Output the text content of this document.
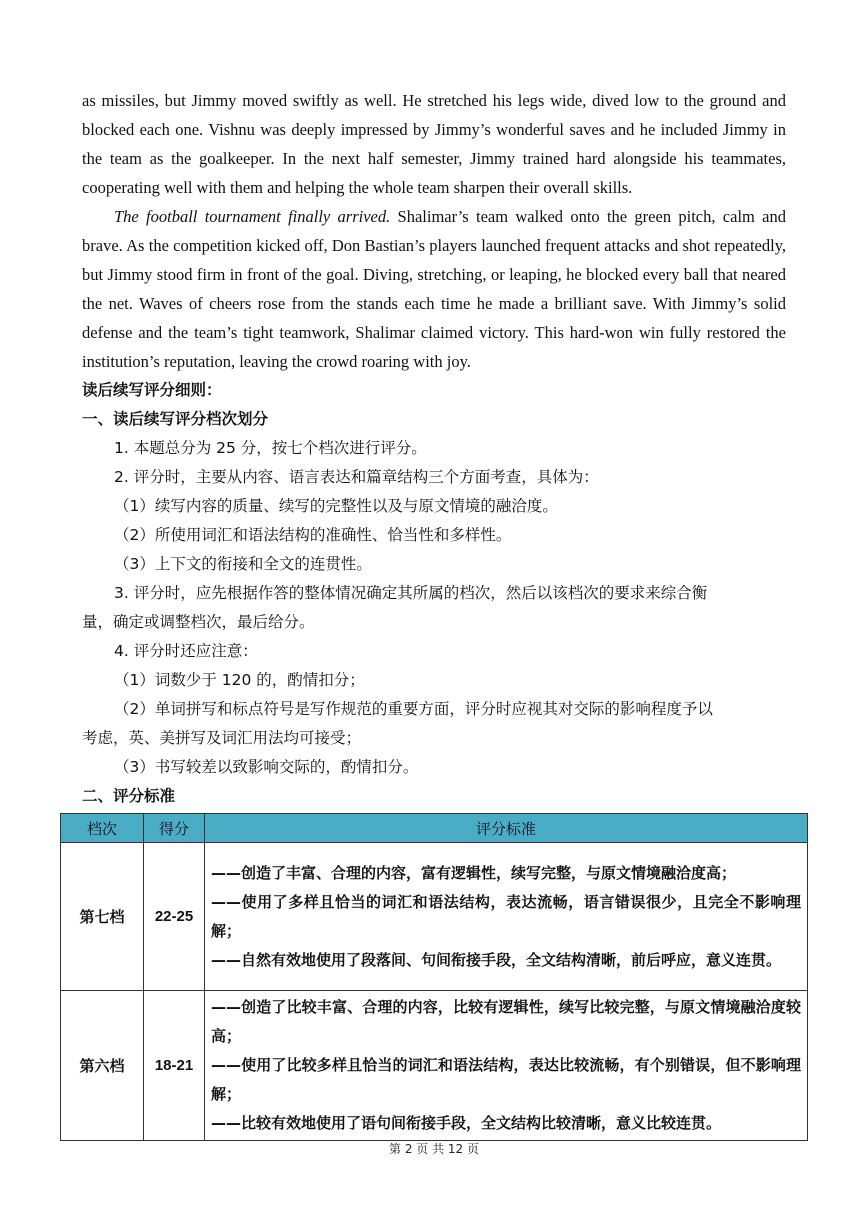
as missiles, but Jimmy moved swiftly as well. He stretched his legs wide, dived low to the ground and blocked each one. Vishnu was deeply impressed by Jimmy’s wonderful saves and he included Jimmy in the team as the goalkeeper. In the next half semester, Jimmy trained hard alongside his teammates, cooperating well with them and helping the whole team sharpen their overall skills.

The football tournament finally arrived. Shalimar’s team walked onto the green pitch, calm and brave. As the competition kicked off, Don Bastian’s players launched frequent attacks and shot repeatedly, but Jimmy stood firm in front of the goal. Diving, stretching, or leaping, he blocked every ball that neared the net. Waves of cheers rose from the stands each time he made a brilliant save. With Jimmy’s solid defense and the team’s tight teamwork, Shalimar claimed victory. This hard-won win fully restored the institution’s reputation, leaving the crowd roaring with joy.

读后续写评分细则：

一、读后续写评分档次划分

1. 本题总分为 25 分，按七个档次进行评分。

2. 评分时，主要从内容、语言表达和篇章结构三个方面考查，具体为：

（1）续写内容的质量、续写的完整性以及与原文情境的融洽度。

（2）所使用词汇和语法结构的准确性、恰当性和多样性。

（3）上下文的衔接和全文的连贯性。

3. 评分时，应先根据作答的整体情况确定其所属的档次，然后以该档次的要求来综合衡

量，确定或调整档次，最后给分。

4. 评分时还应注意：

（1）词数少于 120 的，酌情扣分；

（2）单词拼写和标点符号是写作规范的重要方面，评分时应视其对交际的影响程度予以

考虑，英、美拼写及词汇用法均可接受；

（3）书写较差以致影响交际的，酌情扣分。

二、评分标准

档次	得分	评分标准
第七档	22-25	——创造了丰富、合理的内容，富有逻辑性，续写完整，与原文情境融洽度高；
——使用了多样且恰当的词汇和语法结构，表达流畅，语言错误很少，且完全不影响理解；
——自然有效地使用了段落间、句间衔接手段，全文结构清晰，前后呼应，意义连贯。

第六档	18-21	——创造了比较丰富、合理的内容，比较有逻辑性，续写比较完整，与原文情境融洽度较高；
——使用了比较多样且恰当的词汇和语法结构，表达比较流畅，有个别错误，但不影响理解；
——比较有效地使用了语句间衔接手段，全文结构比较清晰，意义比较连贯。
第 2 页 共 12 页
